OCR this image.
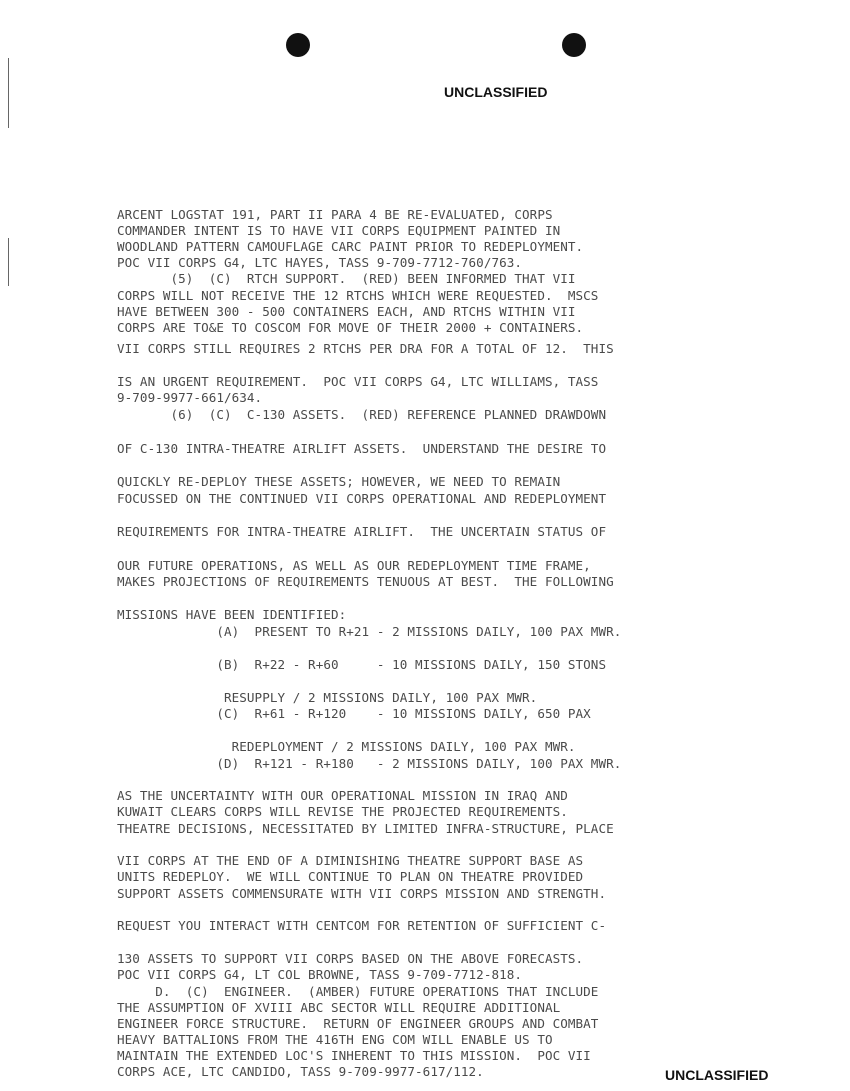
UNCLASSIFIED
ARCENT LOGSTAT 191, PART II PARA 4 BE RE-EVALUATED, CORPS
COMMANDER INTENT IS TO HAVE VII CORPS EQUIPMENT PAINTED IN
WOODLAND PATTERN CAMOUFLAGE CARC PAINT PRIOR TO REDEPLOYMENT.
POC VII CORPS G4, LTC HAYES, TASS 9-709-7712-760/763.
(5)  (C)  RTCH SUPPORT.  (RED) BEEN INFORMED THAT VII
CORPS WILL NOT RECEIVE THE 12 RTCHS WHICH WERE REQUESTED.  MSCS
HAVE BETWEEN 300 - 500 CONTAINERS EACH, AND RTCHS WITHIN VII
CORPS ARE TO&E TO COSCOM FOR MOVE OF THEIR 2000 + CONTAINERS.
VII CORPS STILL REQUIRES 2 RTCHS PER DRA FOR A TOTAL OF 12.  THIS
IS AN URGENT REQUIREMENT.  POC VII CORPS G4, LTC WILLIAMS, TASS
9-709-9977-661/634.
(6)  (C)  C-130 ASSETS.  (RED) REFERENCE PLANNED DRAWDOWN
OF C-130 INTRA-THEATRE AIRLIFT ASSETS.  UNDERSTAND THE DESIRE TO
QUICKLY RE-DEPLOY THESE ASSETS; HOWEVER, WE NEED TO REMAIN
FOCUSSED ON THE CONTINUED VII CORPS OPERATIONAL AND REDEPLOYMENT
REQUIREMENTS FOR INTRA-THEATRE AIRLIFT.  THE UNCERTAIN STATUS OF
OUR FUTURE OPERATIONS, AS WELL AS OUR REDEPLOYMENT TIME FRAME,
MAKES PROJECTIONS OF REQUIREMENTS TENUOUS AT BEST.  THE FOLLOWING
MISSIONS HAVE BEEN IDENTIFIED:
(A)  PRESENT TO R+21 - 2 MISSIONS DAILY, 100 PAX MWR.
(B)  R+22 - R+60     - 10 MISSIONS DAILY, 150 STONS
RESUPPLY / 2 MISSIONS DAILY, 100 PAX MWR.
(C)  R+61 - R+120    - 10 MISSIONS DAILY, 650 PAX
REDEPLOYMENT / 2 MISSIONS DAILY, 100 PAX MWR.
(D)  R+121 - R+180   - 2 MISSIONS DAILY, 100 PAX MWR.
AS THE UNCERTAINTY WITH OUR OPERATIONAL MISSION IN IRAQ AND
KUWAIT CLEARS CORPS WILL REVISE THE PROJECTED REQUIREMENTS.
THEATRE DECISIONS, NECESSITATED BY LIMITED INFRA-STRUCTURE, PLACE
VII CORPS AT THE END OF A DIMINISHING THEATRE SUPPORT BASE AS
UNITS REDEPLOY.  WE WILL CONTINUE TO PLAN ON THEATRE PROVIDED
SUPPORT ASSETS COMMENSURATE WITH VII CORPS MISSION AND STRENGTH.
REQUEST YOU INTERACT WITH CENTCOM FOR RETENTION OF SUFFICIENT C-
130 ASSETS TO SUPPORT VII CORPS BASED ON THE ABOVE FORECASTS.
POC VII CORPS G4, LT COL BROWNE, TASS 9-709-7712-818.
D.  (C)  ENGINEER.  (AMBER) FUTURE OPERATIONS THAT INCLUDE
THE ASSUMPTION OF XVIII ABC SECTOR WILL REQUIRE ADDITIONAL
ENGINEER FORCE STRUCTURE.  RETURN OF ENGINEER GROUPS AND COMBAT
HEAVY BATTALIONS FROM THE 416TH ENG COM WILL ENABLE US TO
MAINTAIN THE EXTENDED LOC'S INHERENT TO THIS MISSION.  POC VII
CORPS ACE, LTC CANDIDO, TASS 9-709-9977-617/112.	UNCLASSIFIED
